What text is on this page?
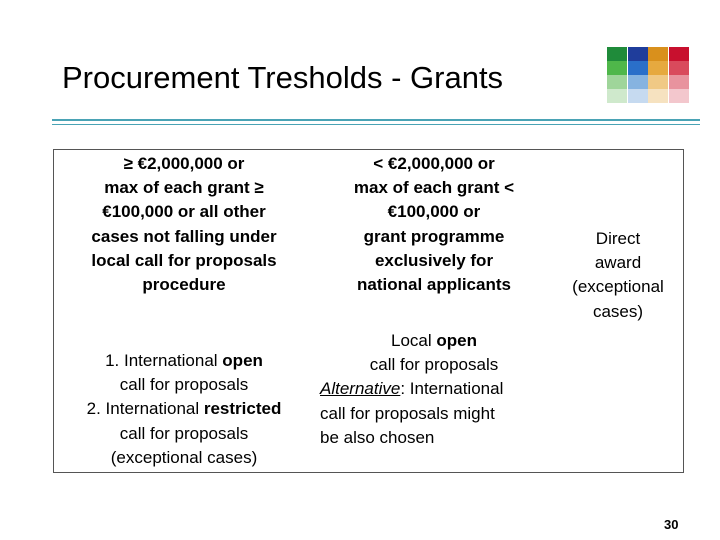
Procurement Tresholds - Grants
≥ €2,000,000 or
max of each grant ≥
€100,000 or all other
cases not falling under
local call for proposals
procedure
< €2,000,000 or
max of each grant <
€100,000 or
grant programme
exclusively for
national applicants
Direct
award
(exceptional
cases)
1. International open
call for proposals
2. International restricted
call for proposals
(exceptional cases)
Local open
call for proposals
Alternative: International
call for proposals might
be also chosen
30
